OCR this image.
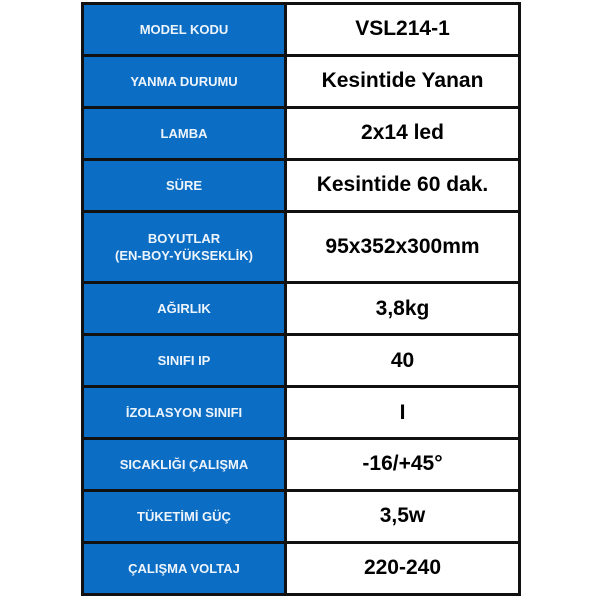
MODEL KODU	VSL214-1
YANMA DURUMU	Kesintide Yanan
LAMBA	2x14 led
SÜRE	Kesintide 60 dak.
BOYUTLAR
(EN-BOY-YÜKSEKLİK)	95x352x300mm
AĞIRLIK	3,8kg
SINIFI IP	40
İZOLASYON SINIFI	I
SICAKLIĞI ÇALIŞMA	-16/+45°
TÜKETİMİ GÜÇ	3,5w
ÇALIŞMA VOLTAJ	220-240
